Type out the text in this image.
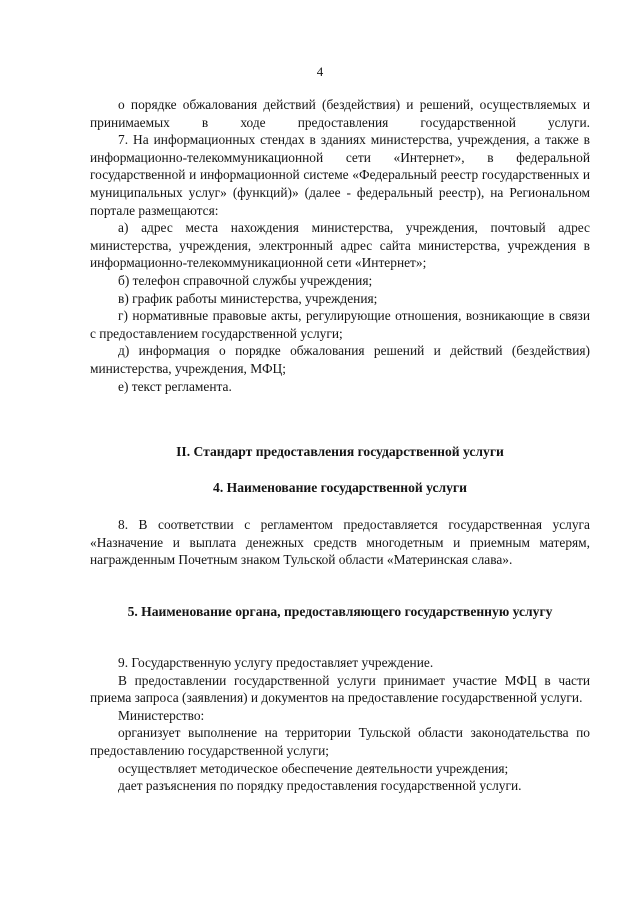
4

о порядке обжалования действий (бездействия) и решений, осуществляемых и принимаемых в ходе предоставления государственной услуги.

7. На информационных стендах в зданиях министерства, учреждения, а также в информационно-телекоммуникационной сети «Интернет», в федеральной государственной и информационной системе «Федеральный реестр государственных и муниципальных услуг» (функций)» (далее - федеральный реестр), на Региональном портале размещаются:

а) адрес места нахождения министерства, учреждения, почтовый адрес министерства, учреждения, электронный адрес сайта министерства, учреждения в информационно-телекоммуникационной сети «Интернет»;

б) телефон справочной службы учреждения;

в) график работы министерства, учреждения;

г) нормативные правовые акты, регулирующие отношения, возникающие в связи с предоставлением государственной услуги;

д) информация о порядке обжалования решений и действий (бездействия) министерства, учреждения, МФЦ;

е) текст регламента.

II. Стандарт предоставления государственной услуги

4. Наименование государственной услуги

8. В соответствии с регламентом предоставляется государственная услуга «Назначение и выплата денежных средств многодетным и приемным матерям, награжденным Почетным знаком Тульской области «Материнская слава».

5. Наименование органа, предоставляющего государственную услугу

9. Государственную услугу предоставляет учреждение.

В предоставлении государственной услуги принимает участие МФЦ в части приема запроса (заявления) и документов на предоставление государственной услуги.

Министерство:

организует выполнение на территории Тульской области законодательства по предоставлению государственной услуги;

осуществляет методическое обеспечение деятельности учреждения;

дает разъяснения по порядку предоставления государственной услуги.
